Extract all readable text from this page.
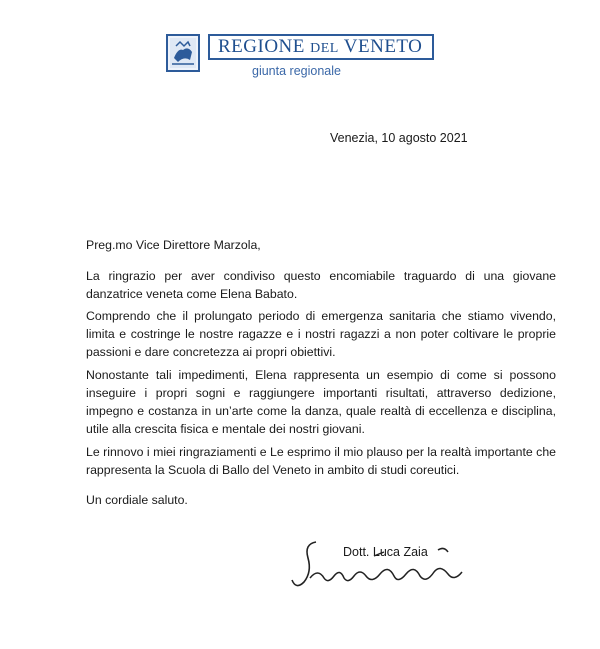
REGIONE DEL VENETO
giunta regionale
Venezia, 10 agosto 2021
Preg.mo Vice Direttore Marzola,
La ringrazio per aver condiviso questo encomiabile traguardo di una giovane danzatrice veneta come Elena Babato.
Comprendo che il prolungato periodo di emergenza sanitaria che stiamo vivendo, limita e costringe le nostre ragazze e i nostri ragazzi a non poter coltivare le proprie passioni e dare concretezza ai propri obiettivi.
Nonostante tali impedimenti, Elena rappresenta un esempio di come si possono inseguire i propri sogni e raggiungere importanti risultati, attraverso dedizione, impegno e costanza in un’arte come la danza, quale realtà di eccellenza e disciplina, utile alla crescita fisica e mentale dei nostri giovani.
Le rinnovo i miei ringraziamenti e Le esprimo il mio plauso per la realtà importante che rappresenta la Scuola di Ballo del Veneto in ambito di studi coreutici.
Un cordiale saluto.
Dott. Luca Zaia
